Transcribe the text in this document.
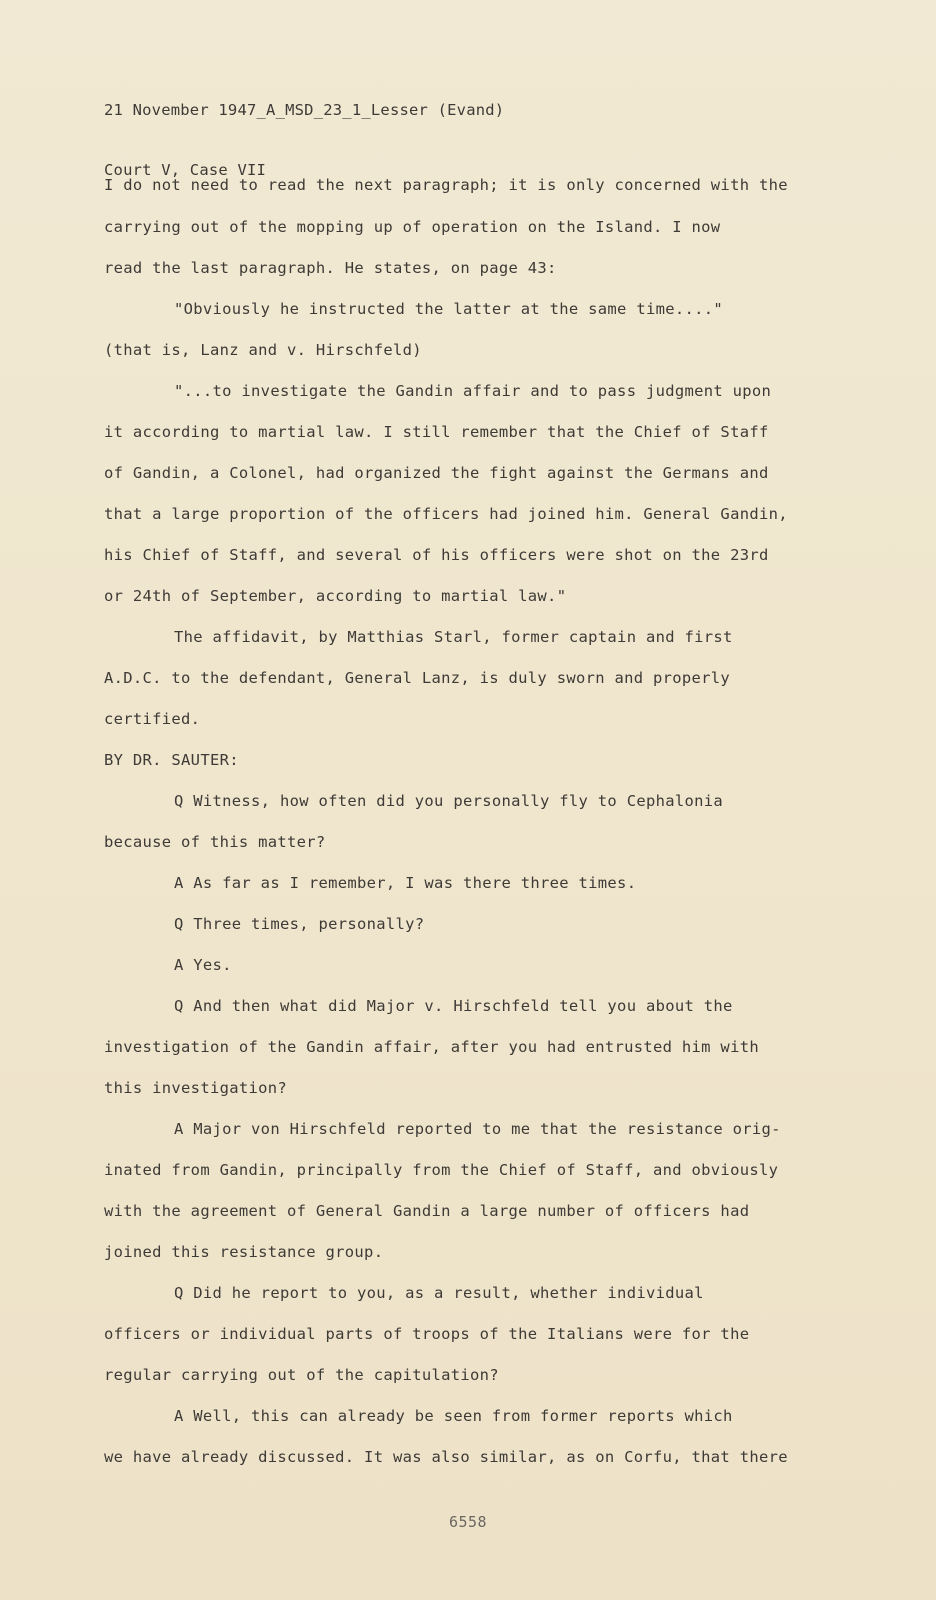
21 November 1947_A_MSD_23_1_Lesser (Evand)

Court V, Case VII

I do not need to read the next paragraph; it is only concerned with the
carrying out of the mopping up of operation on the Island. I now
read the last paragraph. He states, on page 43:
"Obviously he instructed the latter at the same time...."
(that is, Lanz and v. Hirschfeld)
"...to investigate the Gandin affair and to pass judgment upon
it according to martial law. I still remember that the Chief of Staff
of Gandin, a Colonel, had organized the fight against the Germans and
that a large proportion of the officers had joined him. General Gandin,
his Chief of Staff, and several of his officers were shot on the 23rd
or 24th of September, according to martial law."
The affidavit, by Matthias Starl, former captain and first
A.D.C. to the defendant, General Lanz, is duly sworn and properly
certified.
BY DR. SAUTER:
Q Witness, how often did you personally fly to Cephalonia
because of this matter?
A As far as I remember, I was there three times.
Q Three times, personally?
A Yes.
Q And then what did Major v. Hirschfeld tell you about the
investigation of the Gandin affair, after you had entrusted him with
this investigation?
A Major von Hirschfeld reported to me that the resistance orig-
inated from Gandin, principally from the Chief of Staff, and obviously
with the agreement of General Gandin a large number of officers had
joined this resistance group.
Q Did he report to you, as a result, whether individual
officers or individual parts of troops of the Italians were for the
regular carrying out of the capitulation?
A Well, this can already be seen from former reports which
we have already discussed. It was also similar, as on Corfu, that there
6558
